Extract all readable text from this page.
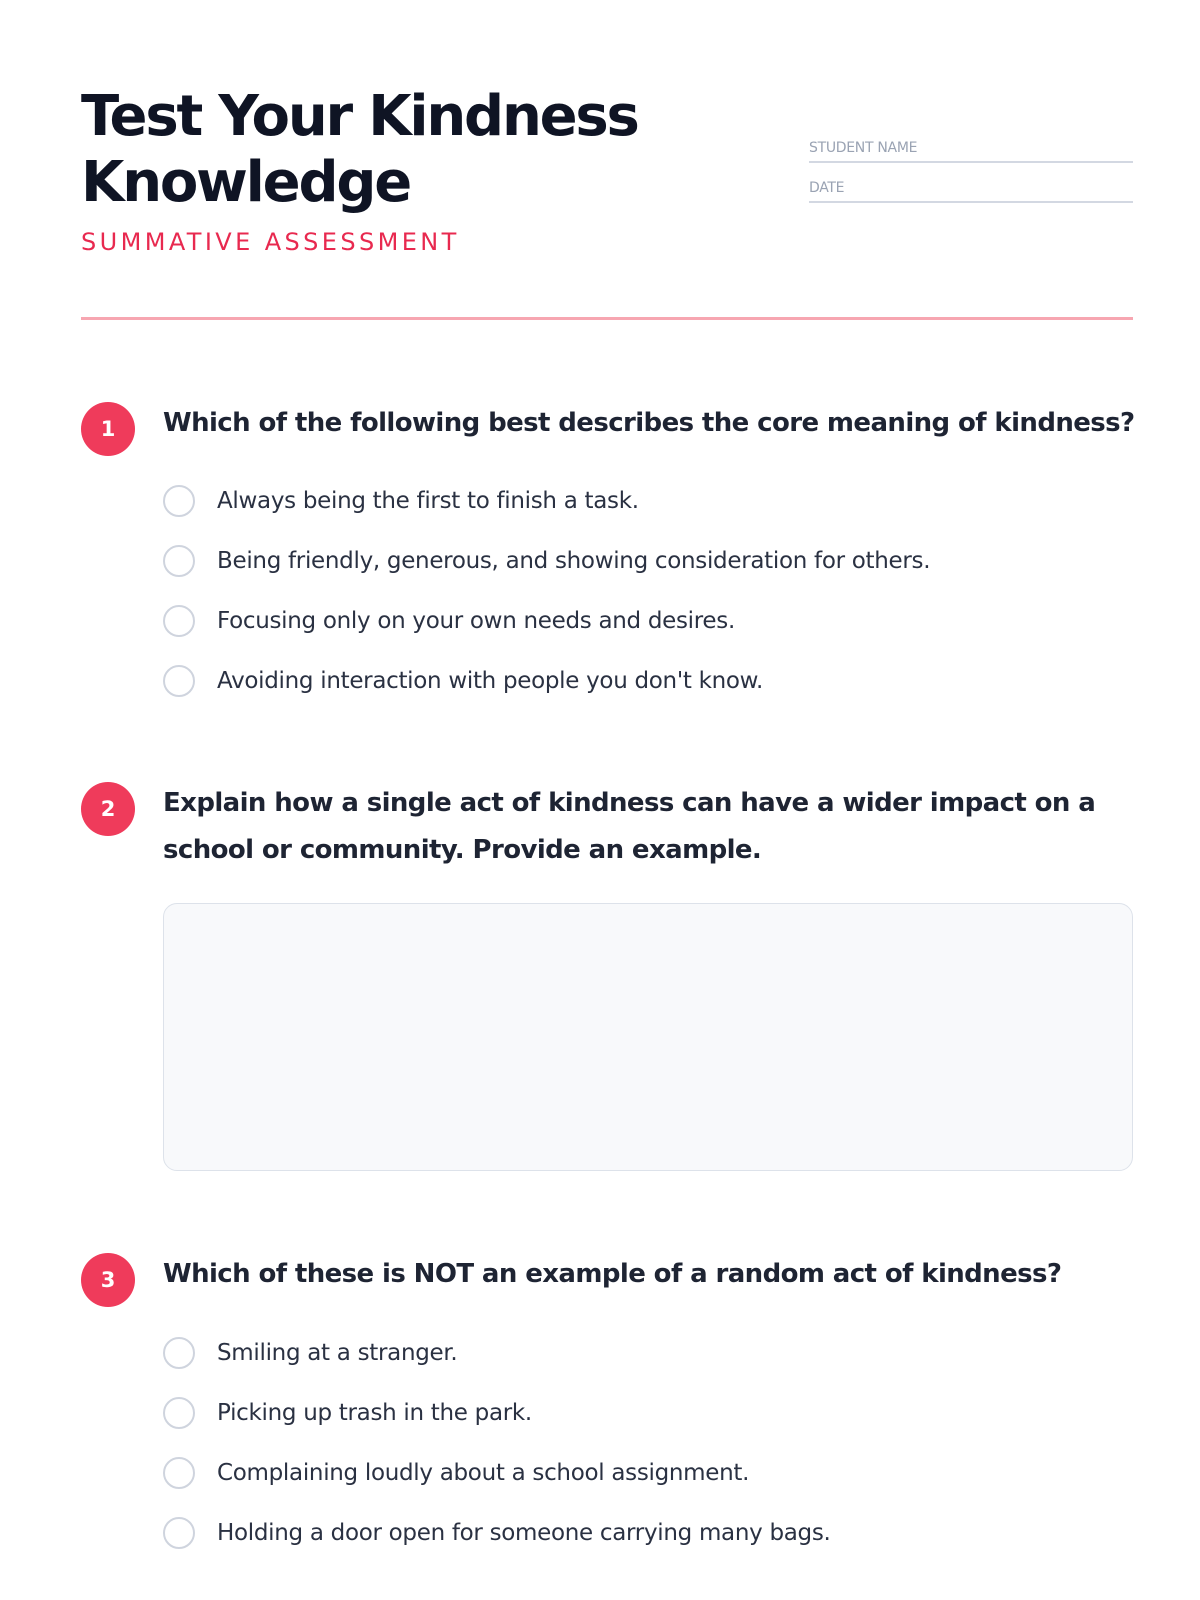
Test Your Kindness Knowledge
SUMMATIVE ASSESSMENT
STUDENT NAME
DATE
1	Which of the following best describes the core meaning of kindness?
Always being the first to finish a task.
Being friendly, generous, and showing consideration for others.
Focusing only on your own needs and desires.
Avoiding interaction with people you don't know.
2	Explain how a single act of kindness can have a wider impact on a school or community. Provide an example.
3	Which of these is NOT an example of a random act of kindness?
Smiling at a stranger.
Picking up trash in the park.
Complaining loudly about a school assignment.
Holding a door open for someone carrying many bags.
